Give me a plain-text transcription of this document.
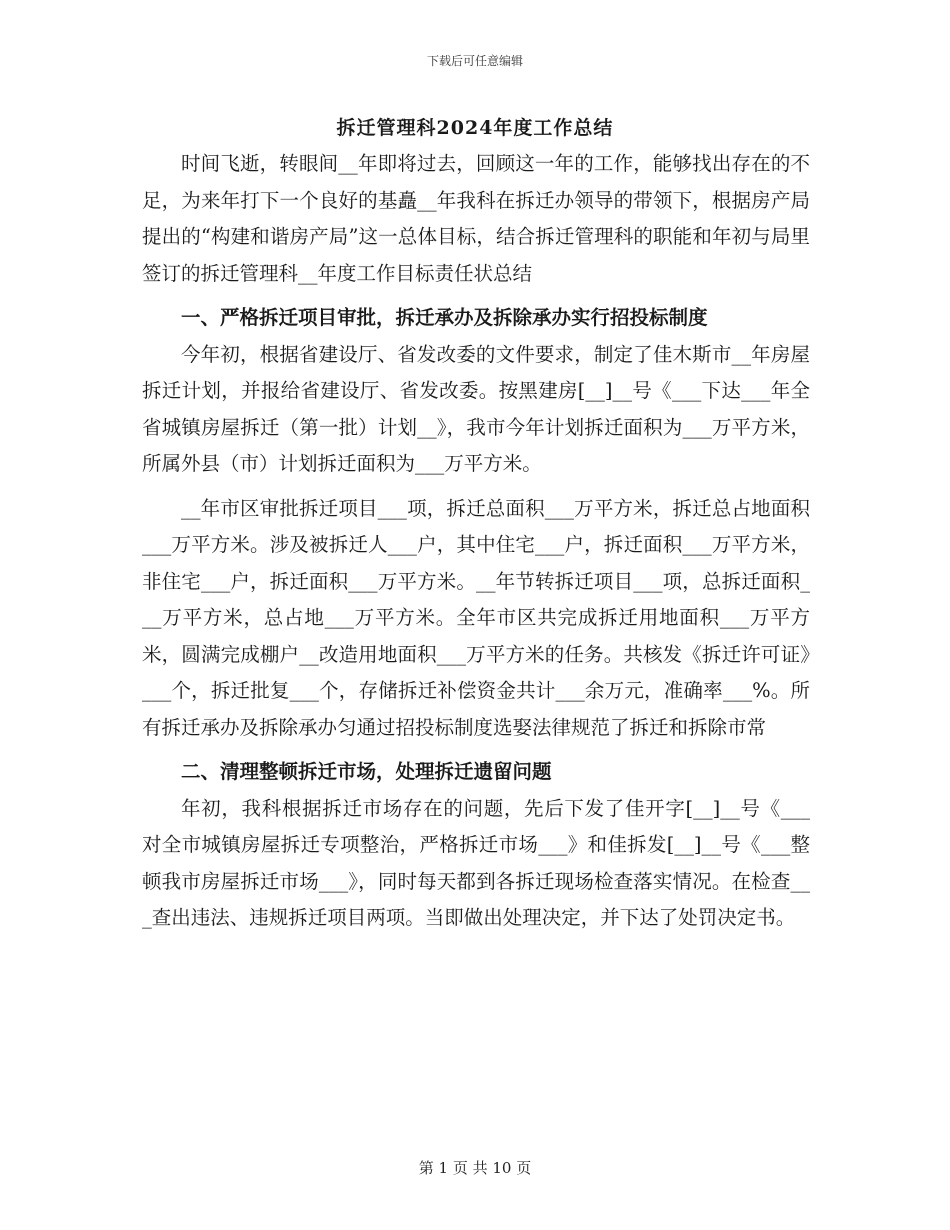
下载后可任意编辑
拆迁管理科2024年度工作总结

时间飞逝，转眼间__年即将过去，回顾这一年的工作，能够找出存在的不足，为来年打下一个良好的基矗__年我科在拆迁办领导的带领下，根据房产局提出的“构建和谐房产局”这一总体目标，结合拆迁管理科的职能和年初与局里签订的拆迁管理科__年度工作目标责任状总结

一、严格拆迁项目审批，拆迁承办及拆除承办实行招投标制度

今年初，根据省建设厅、省发改委的文件要求，制定了佳木斯市__年房屋拆迁计划，并报给省建设厅、省发改委。按黑建房[__]__号《___下达___年全省城镇房屋拆迁（第一批）计划__》，我市今年计划拆迁面积为___万平方米，所属外县（市）计划拆迁面积为___万平方米。

__年市区审批拆迁项目___项，拆迁总面积___万平方米，拆迁总占地面积___万平方米。涉及被拆迁人___户，其中住宅___户，拆迁面积___万平方米，非住宅___户，拆迁面积___万平方米。__年节转拆迁项目___项，总拆迁面积___万平方米，总占地___万平方米。全年市区共完成拆迁用地面积___万平方米，圆满完成棚户__改造用地面积___万平方米的任务。共核发《拆迁许可证》___个，拆迁批复___个，存储拆迁补偿资金共计___余万元，准确率___%。所有拆迁承办及拆除承办匀通过招投标制度选娶法律规范了拆迁和拆除市常

二、清理整顿拆迁市场，处理拆迁遗留问题

年初，我科根据拆迁市场存在的问题，先后下发了佳开字[__]__号《___对全市城镇房屋拆迁专项整治，严格拆迁市场___》和佳拆发[__]__号《___整顿我市房屋拆迁市场___》，同时每天都到各拆迁现场检查落实情况。在检查___查出违法、违规拆迁项目两项。当即做出处理决定，并下达了处罚决定书。

第 1 页 共 10 页
